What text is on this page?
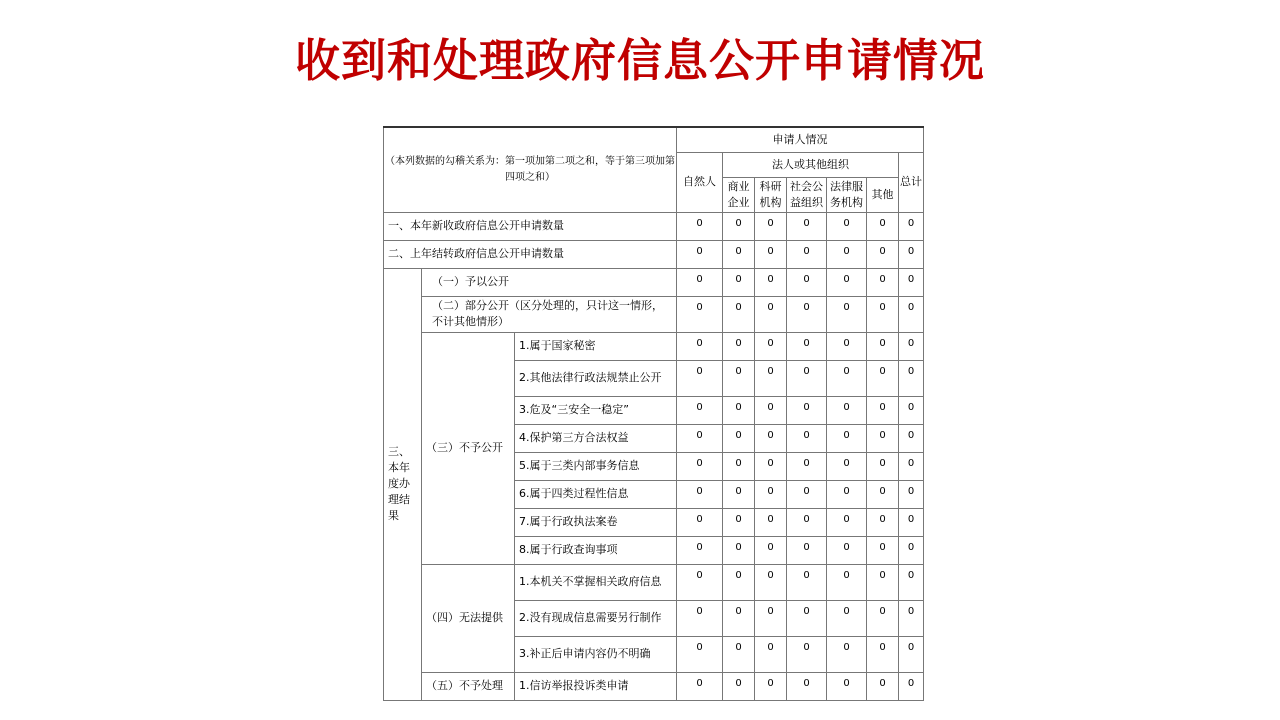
收到和处理政府信息公开申请情况
（本列数据的勾稽关系为：第一项加第二项之和，等于第三项加第四项之和）			申请人情况						
			自然人	法人或其他组织					总计
				商业企业	科研机构	社会公益组织	法律服务机构	其他	
一、本年新收政府信息公开申请数量			0	0	0	0	0	0	0
二、上年结转政府信息公开申请数量			0	0	0	0	0	0	0
三、本年度办理结果	（一）予以公开		0	0	0	0	0	0	0
	（二）部分公开（区分处理的，只计这一情形，不计其他情形）		0	0	0	0	0	0	0
	（三）不予公开	1.属于国家秘密	0	0	0	0	0	0	0
		2.其他法律行政法规禁止公开	0	0	0	0	0	0	0
		3.危及“三安全一稳定”	0	0	0	0	0	0	0
		4.保护第三方合法权益	0	0	0	0	0	0	0
		5.属于三类内部事务信息	0	0	0	0	0	0	0
		6.属于四类过程性信息	0	0	0	0	0	0	0
		7.属于行政执法案卷	0	0	0	0	0	0	0
		8.属于行政查询事项	0	0	0	0	0	0	0
	（四）无法提供	1.本机关不掌握相关政府信息	0	0	0	0	0	0	0
		2.没有现成信息需要另行制作	0	0	0	0	0	0	0
		3.补正后申请内容仍不明确	0	0	0	0	0	0	0
	（五）不予处理	1.信访举报投诉类申请	0	0	0	0	0	0	0
